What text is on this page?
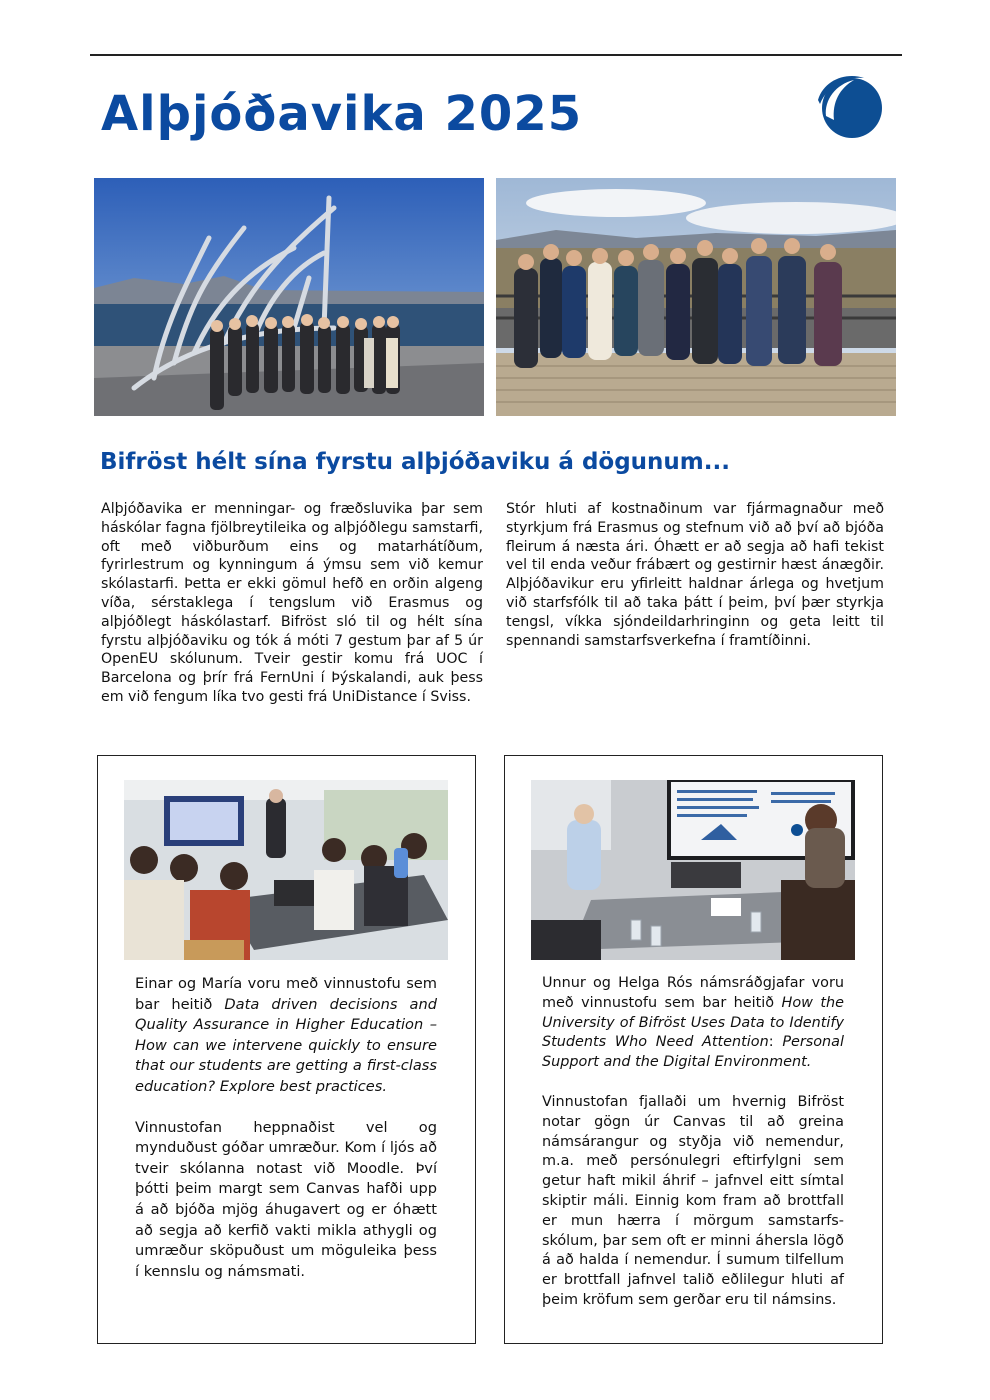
Alþjóðavika 2025
Bifröst hélt sína fyrstu alþjóðaviku á dögunum...

Alþjóðavika er menningar- og fræðsluvika þar sem háskólar fagna fjölbreytileika og alþjóðlegu samstarfi, oft með viðburðum eins og matarhátíðum, fyrirlestrum og kynningum á ýmsu sem við kemur skólastarfi. Þetta er ekki gömul hefð en orðin algeng víða, sérstaklega í tengslum við Erasmus og alþjóðlegt háskólastarf. Bifröst sló til og hélt sína fyrstu alþjóðaviku og tók á móti 7 gestum þar af 5 úr OpenEU skólunum. Tveir gestir komu frá UOC í Barcelona og þrír frá FernUni í Þýskalandi, auk þess em við fengum líka tvo gesti frá UniDistance í Sviss.

Stór hluti af kostnaðinum var fjármagnaður með styrkjum frá Erasmus og stefnum við að því að bjóða fleirum á næsta ári. Óhætt er að segja að hafi tekist vel til enda veður frábært og gestirnir hæst ánægðir. Alþjóðavikur eru yfirleitt haldnar árlega og hvetjum við starfsfólk til að taka þátt í þeim, því þær styrkja tengsl, víkka sjóndeildarhringinn og geta leitt til spennandi samstarfsverkefna í framtíðinni.

Einar og María voru með vinnustofu sem bar heitið Data driven decisions and Quality Assurance in Higher Education – How can we intervene quickly to ensure that our students are getting a first-class education? Explore best practices.

Vinnustofan heppnaðist vel og mynduðust góðar umræður. Kom í ljós að tveir skólanna notast við Moodle. Því þótti þeim margt sem Canvas hafði upp á að bjóða mjög áhugavert og er óhætt að segja að kerfið vakti mikla athygli og umræður sköpuðust um möguleika þess í kennslu og námsmati.

Unnur og Helga Rós námsráðgjafar voru með vinnustofu sem bar heitið How the University of Bifröst Uses Data to Identify Students Who Need Attention: Personal Support and the Digital Environment.

Vinnustofan fjallaði um hvernig Bifröst notar gögn úr Canvas til að greina námsárangur og styðja við nemendur, m.a. með persónulegri eftirfylgni sem getur haft mikil áhrif – jafnvel eitt símtal skiptir máli. Einnig kom fram að brottfall er mun hærra í mörgum samstarfs-skólum, þar sem oft er minni áhersla lögð á að halda í nemendur. Í sumum tilfellum er brottfall jafnvel talið eðlilegur hluti af þeim kröfum sem gerðar eru til námsins.
